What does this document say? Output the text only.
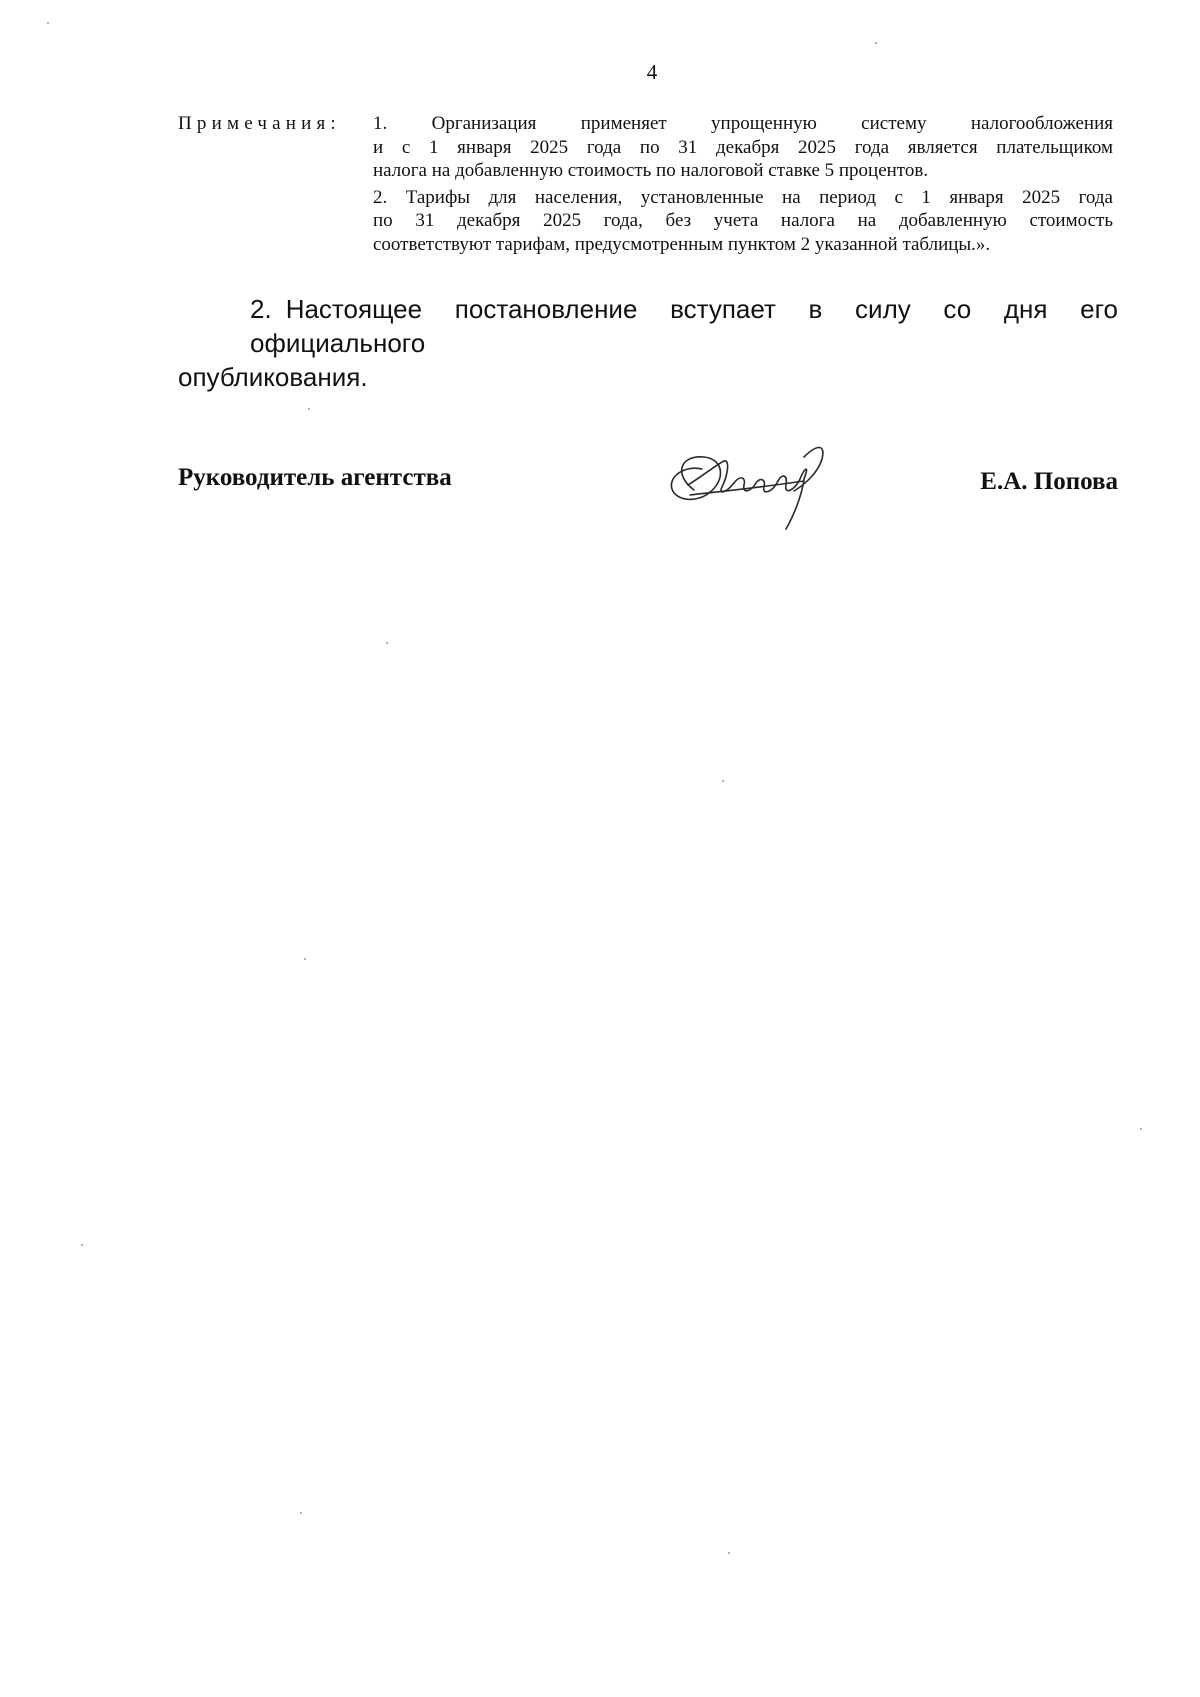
4
Примечания:	1. Организация применяет упрощенную систему налогообложения
и с 1 января 2025 года по 31 декабря 2025 года является плательщиком
налога на добавленную стоимость по налоговой ставке 5 процентов.
2. Тарифы для населения, установленные на период с 1 января 2025 года
по 31 декабря 2025 года, без учета налога на добавленную стоимость
соответствуют тарифам, предусмотренным пунктом 2 указанной таблицы.».
2. Настоящее постановление вступает в силу со дня его официального
опубликования.
Руководитель агентства	Е.А. Попова
